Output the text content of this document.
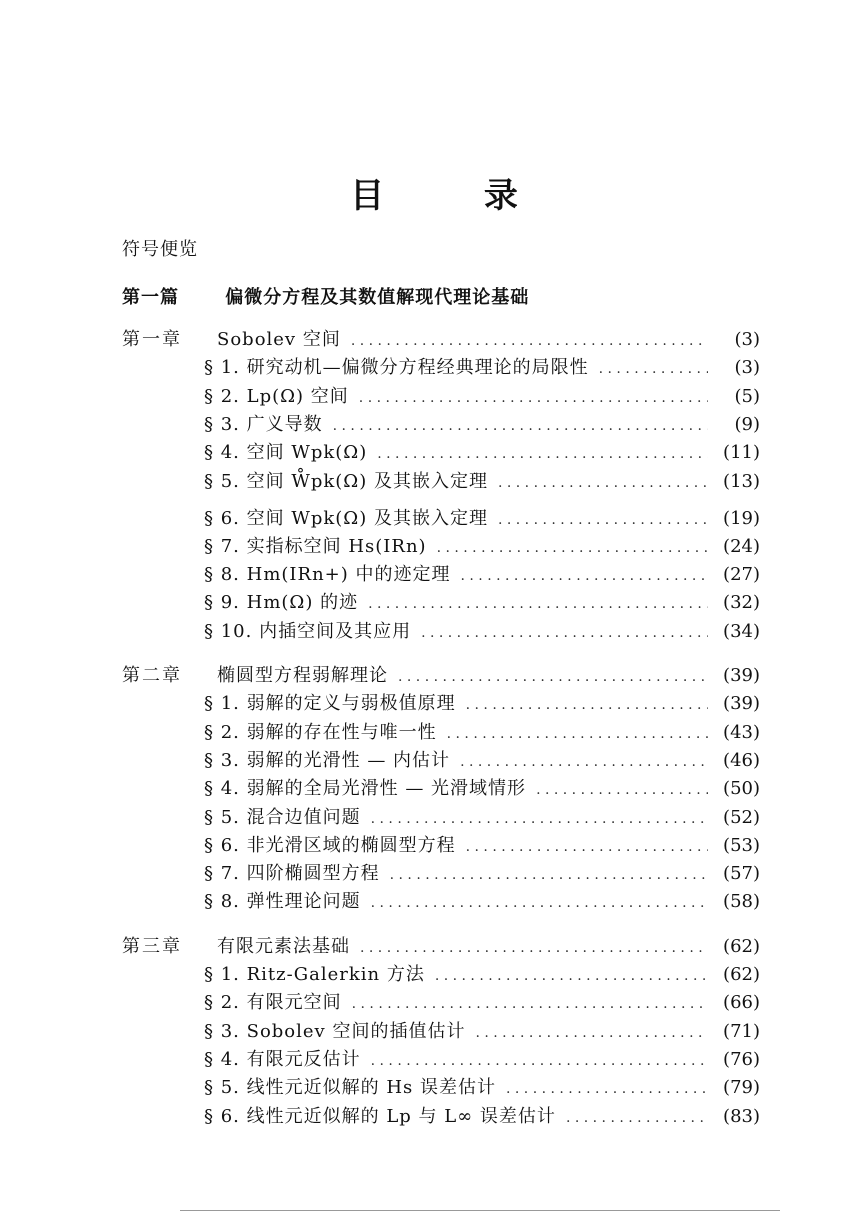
目 录
符号便览
第一篇	偏微分方程及其数值解现代理论基础
第一章 Sobolev 空间 . . .	(3)
§ 1. 研究动机—偏微分方程经典理论的局限性 . . .	(3)
§ 2. Lp(Ω) 空间 . . .	(5)
§ 3. 广义导数 . . .	(9)
§ 4. 空间 Wpk(Ω) . . .	(11)
§ 5. 空间 W̊pk(Ω) 及其嵌入定理 . . .	(13)
§ 6. 空间 Wpk(Ω) 及其嵌入定理 . . .	(19)
§ 7. 实指标空间 Hs(IRn) . . .	(24)
§ 8. Hm(IRn+) 中的迹定理 . . .	(27)
§ 9. Hm(Ω) 的迹 . . .	(32)
§ 10. 内插空间及其应用 . . .	(34)
第二章 椭圆型方程弱解理论 . . .	(39)
§ 1. 弱解的定义与弱极值原理 . . .	(39)
§ 2. 弱解的存在性与唯一性 . . .	(43)
§ 3. 弱解的光滑性 — 内估计 . . .	(46)
§ 4. 弱解的全局光滑性 — 光滑域情形 . . .	(50)
§ 5. 混合边值问题 . . .	(52)
§ 6. 非光滑区域的椭圆型方程 . . .	(53)
§ 7. 四阶椭圆型方程 . . .	(57)
§ 8. 弹性理论问题 . . .	(58)
第三章 有限元素法基础 . . .	(62)
§ 1. Ritz-Galerkin 方法 . . .	(62)
§ 2. 有限元空间 . . .	(66)
§ 3. Sobolev 空间的插值估计 . . .	(71)
§ 4. 有限元反估计 . . .	(76)
§ 5. 线性元近似解的 Hs 误差估计 . . .	(79)
§ 6. 线性元近似解的 Lp 与 L∞ 误差估计 . . .	(83)
